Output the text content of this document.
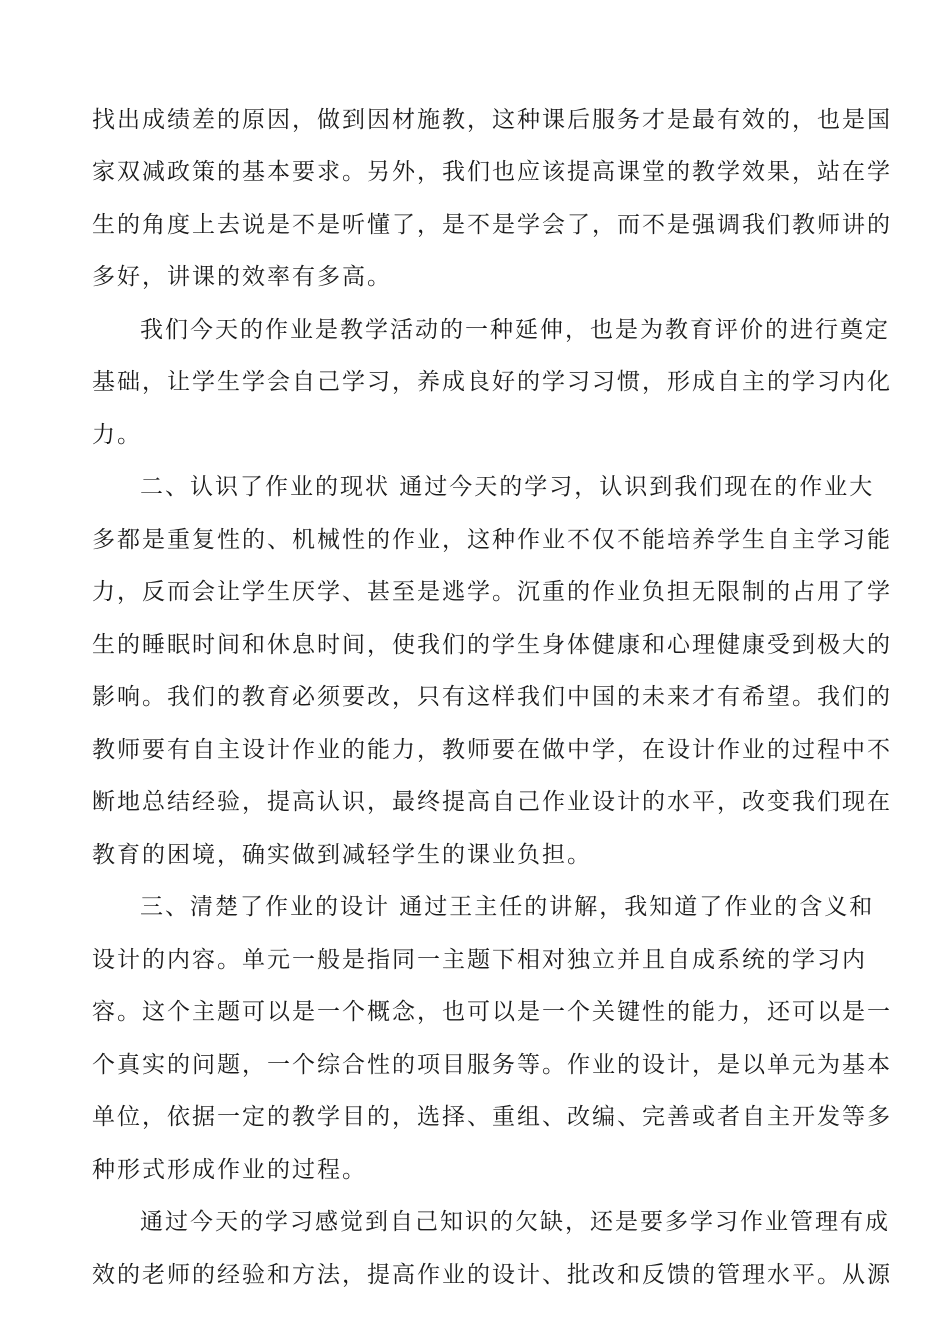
找出成绩差的原因，做到因材施教，这种课后服务才是最有效的，也是国

家双减政策的基本要求。另外，我们也应该提高课堂的教学效果，站在学

生的角度上去说是不是听懂了，是不是学会了，而不是强调我们教师讲的

多好，讲课的效率有多高。

我们今天的作业是教学活动的一种延伸，也是为教育评价的进行奠定

基础，让学生学会自己学习，养成良好的学习习惯，形成自主的学习内化

力。

二、认识了作业的现状 通过今天的学习，认识到我们现在的作业大

多都是重复性的、机械性的作业，这种作业不仅不能培养学生自主学习能

力，反而会让学生厌学、甚至是逃学。沉重的作业负担无限制的占用了学

生的睡眠时间和休息时间，使我们的学生身体健康和心理健康受到极大的

影响。我们的教育必须要改，只有这样我们中国的未来才有希望。我们的

教师要有自主设计作业的能力，教师要在做中学，在设计作业的过程中不

断地总结经验，提高认识，最终提高自己作业设计的水平，改变我们现在

教育的困境，确实做到减轻学生的课业负担。

三、清楚了作业的设计 通过王主任的讲解，我知道了作业的含义和

设计的内容。单元一般是指同一主题下相对独立并且自成系统的学习内

容。这个主题可以是一个概念，也可以是一个关键性的能力，还可以是一

个真实的问题，一个综合性的项目服务等。作业的设计，是以单元为基本

单位，依据一定的教学目的，选择、重组、改编、完善或者自主开发等多

种形式形成作业的过程。

通过今天的学习感觉到自己知识的欠缺，还是要多学习作业管理有成

效的老师的经验和方法，提高作业的设计、批改和反馈的管理水平。从源
